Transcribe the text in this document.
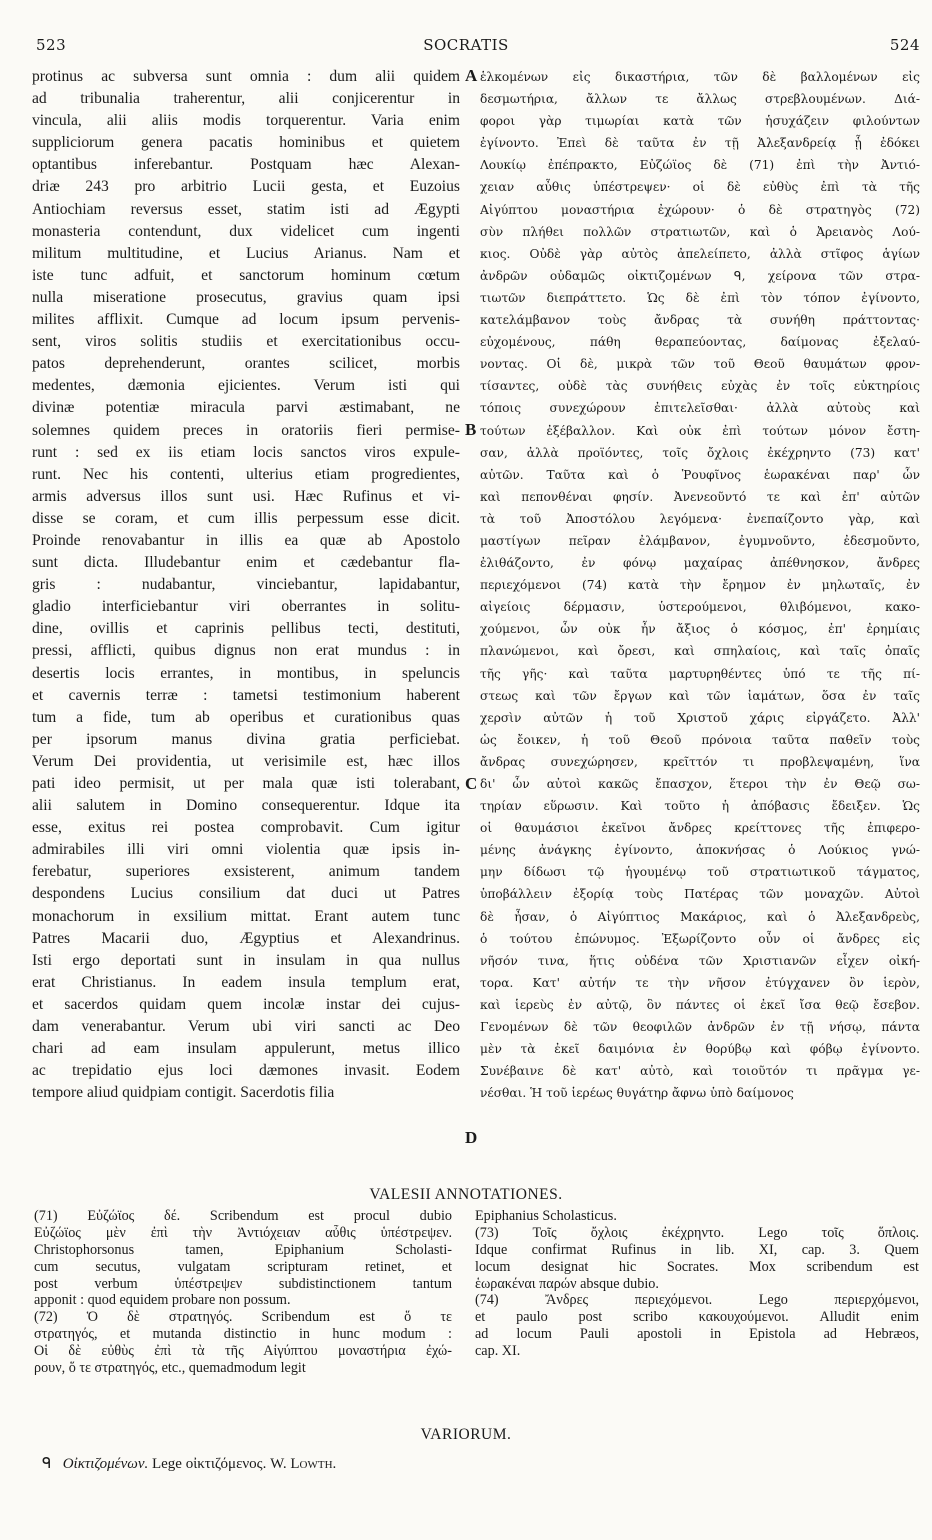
523	SOCRATIS	524
protinus ac subversa sunt omnia : dum alii quidem
ad tribunalia traherentur, alii conjicerentur in
vincula, alii aliis modis torquerentur. Varia enim
suppliciorum genera pacatis hominibus et quietem
optantibus inferebantur. Postquam hæc Alexan-
driæ 243 pro arbitrio Lucii gesta, et Euzoius
Antiochiam reversus esset, statim isti ad Ægypti
monasteria contendunt, dux videlicet cum ingenti
militum multitudine, et Lucius Arianus. Nam et
iste tunc adfuit, et sanctorum hominum cœtum
nulla miseratione prosecutus, gravius quam ipsi
milites afflixit. Cumque ad locum ipsum pervenis-
sent, viros solitis studiis et exercitationibus occu-
patos deprehenderunt, orantes scilicet, morbis
medentes, dæmonia ejicientes. Verum isti qui
divinæ potentiæ miracula parvi æstimabant, ne
solemnes quidem preces in oratoriis fieri permise-
runt : sed ex iis etiam locis sanctos viros expule-
runt. Nec his contenti, ulterius etiam progredientes,
armis adversus illos sunt usi. Hæc Rufinus et vi-
disse se coram, et cum illis perpessum esse dicit.
Proinde renovabantur in illis ea quæ ab Apostolo
sunt dicta. Illudebantur enim et cædebantur fla-
gris : nudabantur, vinciebantur, lapidabantur,
gladio interficiebantur viri oberrantes in solitu-
dine, ovillis et caprinis pellibus tecti, destituti,
pressi, afflicti, quibus dignus non erat mundus : in
desertis locis errantes, in montibus, in speluncis
et cavernis terræ : tametsi testimonium haberent
tum a fide, tum ab operibus et curationibus quas
per ipsorum manus divina gratia perficiebat.
Verum Dei providentia, ut verisimile est, hæc illos
pati ideo permisit, ut per mala quæ isti tolerabant,
alii salutem in Domino consequerentur. Idque ita
esse, exitus rei postea comprobavit. Cum igitur
admirabiles illi viri omni violentia quæ ipsis in-
ferebatur, superiores exsisterent, animum tandem
despondens Lucius consilium dat duci ut Patres
monachorum in exsilium mittat. Erant autem tunc
Patres Macarii duo, Ægyptius et Alexandrinus.
Isti ergo deportati sunt in insulam in qua nullus
erat Christianus. In eadem insula templum erat,
et sacerdos quidam quem incolæ instar dei cujus-
dam venerabantur. Verum ubi viri sancti ac Deo
chari ad eam insulam appulerunt, metus illico
ac trepidatio ejus loci dæmones invasit. Eodem
tempore aliud quidpiam contigit. Sacerdotis filia
ἑλκομένων εἰς δικαστήρια, τῶν δὲ βαλλομένων εἰς
δεσμωτήρια, ἄλλων τε ἄλλως στρεβλουμένων. Διά-
φοροι γὰρ τιμωρίαι κατὰ τῶν ἡσυχάζειν φιλούντων
ἐγίνοντο. Ἐπεὶ δὲ ταῦτα ἐν τῇ Ἀλεξανδρείᾳ ᾗ ἐδόκει
Λουκίῳ ἐπέπρακτο, Εὐζώϊος δὲ (71) ἐπὶ τὴν Ἀντιό-
χειαν αὖθις ὑπέστρεψεν· οἱ δὲ εὐθὺς ἐπὶ τὰ τῆς
Αἰγύπτου μοναστήρια ἐχώρουν· ὁ δὲ στρατηγὸς (72)
σὺν πλήθει πολλῶν στρατιωτῶν, καὶ ὁ Ἀρειανὸς Λού-
κιος. Οὐδὲ γὰρ αὐτὸς ἀπελείπετο, ἀλλὰ στῖφος ἁγίων
ἀνδρῶν οὐδαμῶς οἰκτιζομένων ᑫ, χείρονα τῶν στρα-
τιωτῶν διεπράττετο. Ὡς δὲ ἐπὶ τὸν τόπον ἐγίνοντο,
κατελάμβανον τοὺς ἄνδρας τὰ συνήθη πράττοντας·
εὐχομένους, πάθη θεραπεύοντας, δαίμονας ἐξελαύ-
νοντας. Οἱ δὲ, μικρὰ τῶν τοῦ Θεοῦ θαυμάτων φρον-
τίσαντες, οὐδὲ τὰς συνήθεις εὐχὰς ἐν τοῖς εὐκτηρίοις
τόποις συνεχώρουν ἐπιτελεῖσθαι· ἀλλὰ αὐτοὺς καὶ
τούτων ἐξέβαλλον. Καὶ οὐκ ἐπὶ τούτων μόνον ἔστη-
σαν, ἀλλὰ προϊόντες, τοῖς ὄχλοις ἐκέχρηντο (73) κατ'
αὐτῶν. Ταῦτα καὶ ὁ Ῥουφῖνος ἑωρακέναι παρ' ὧν
καὶ πεπονθέναι φησίν. Ἀνενεοῦντό τε καὶ ἐπ' αὐτῶν
τὰ τοῦ Ἀποστόλου λεγόμενα· ἐνεπαίζοντο γὰρ, καὶ
μαστίγων πεῖραν ἐλάμβανον, ἐγυμνοῦντο, ἐδεσμοῦντο,
ἐλιθάζοντο, ἐν φόνῳ μαχαίρας ἀπέθνησκον, ἄνδρες
περιεχόμενοι (74) κατὰ τὴν ἔρημον ἐν μηλωταῖς, ἐν
αἰγείοις δέρμασιν, ὑστερούμενοι, θλιβόμενοι, κακο-
χούμενοι, ὧν οὐκ ἦν ἄξιος ὁ κόσμος, ἐπ' ἐρημίαις
πλανώμενοι, καὶ ὄρεσι, καὶ σπηλαίοις, καὶ ταῖς ὀπαῖς
τῆς γῆς· καὶ ταῦτα μαρτυρηθέντες ὑπό τε τῆς πί-
στεως καὶ τῶν ἔργων καὶ τῶν ἰαμάτων, ὅσα ἐν ταῖς
χερσὶν αὐτῶν ἡ τοῦ Χριστοῦ χάρις εἰργάζετο. Ἀλλ'
ὡς ἔοικεν, ἡ τοῦ Θεοῦ πρόνοια ταῦτα παθεῖν τοὺς
ἄνδρας συνεχώρησεν, κρεῖττόν τι προβλεψαμένη, ἵνα
δι' ὧν αὐτοὶ κακῶς ἔπασχον, ἕτεροι τὴν ἐν Θεῷ σω-
τηρίαν εὕρωσιν. Καὶ τοῦτο ἡ ἀπόβασις ἔδειξεν. Ὡς
οἱ θαυμάσιοι ἐκεῖνοι ἄνδρες κρείττονες τῆς ἐπιφερο-
μένης ἀνάγκης ἐγίνοντο, ἀποκνήσας ὁ Λούκιος γνώ-
μην δίδωσι τῷ ἡγουμένῳ τοῦ στρατιωτικοῦ τάγματος,
ὑποβάλλειν ἐξορίᾳ τοὺς Πατέρας τῶν μοναχῶν. Αὐτοὶ
δὲ ἦσαν, ὁ Αἰγύπτιος Μακάριος, καὶ ὁ Ἀλεξανδρεὺς,
ὁ τούτου ἐπώνυμος. Ἐξωρίζοντο οὖν οἱ ἄνδρες εἰς
νῆσόν τινα, ἥτις οὐδένα τῶν Χριστιανῶν εἶχεν οἰκή-
τορα. Κατ' αὐτήν τε τὴν νῆσον ἐτύγχανεν ὂν ἱερὸν,
καὶ ἱερεὺς ἐν αὐτῷ, ὃν πάντες οἱ ἐκεῖ ἴσα θεῷ ἔσεβον.
Γενομένων δὲ τῶν θεοφιλῶν ἀνδρῶν ἐν τῇ νήσῳ, πάντα
μὲν τὰ ἐκεῖ δαιμόνια ἐν θορύβῳ καὶ φόβῳ ἐγίνοντο.
Συνέβαινε δὲ κατ' αὐτὸ, καὶ τοιοῦτόν τι πρᾶγμα γε-
νέσθαι. Ἡ τοῦ ἱερέως θυγάτηρ ἄφνω ὑπὸ δαίμονος
A
B
C
D
VALESII ANNOTATIONES.
(71) Εὐζώϊος δέ. Scribendum est procul dubio
Εὐζώϊος μὲν ἐπὶ τὴν Ἀντιόχειαν αὖθις ὑπέστρεψεν.
Christophorsonus tamen, Epiphanium Scholasti-
cum secutus, vulgatam scripturam retinet, et
post verbum ὑπέστρεψεν subdistinctionem tantum
apponit : quod equidem probare non possum.
(72) Ὁ δὲ στρατηγός. Scribendum est ὅ τε
στρατηγός, et mutanda distinctio in hunc modum :
Οἱ δὲ εὐθὺς ἐπὶ τὰ τῆς Αἰγύπτου μοναστήρια ἐχώ-
ρουν, ὅ τε στρατηγός, etc., quemadmodum legit
Epiphanius Scholasticus.
(73) Τοῖς ὄχλοις ἐκέχρηντο. Lego τοῖς ὅπλοις.
Idque confirmat Rufinus in lib. XI, cap. 3. Quem
locum designat hic Socrates. Mox scribendum est
ἑωρακέναι παρών absque dubio.
(74) Ἄνδρες περιεχόμενοι. Lego περιερχόμενοι,
et paulo post scribo κακουχούμενοι. Alludit enim
ad locum Pauli apostoli in Epistola ad Hebræos,
cap. XI.
VARIORUM.
ᑫ Οἰκτιζομένων. Lege οἰκτιζόμενος. W. Lowth.
